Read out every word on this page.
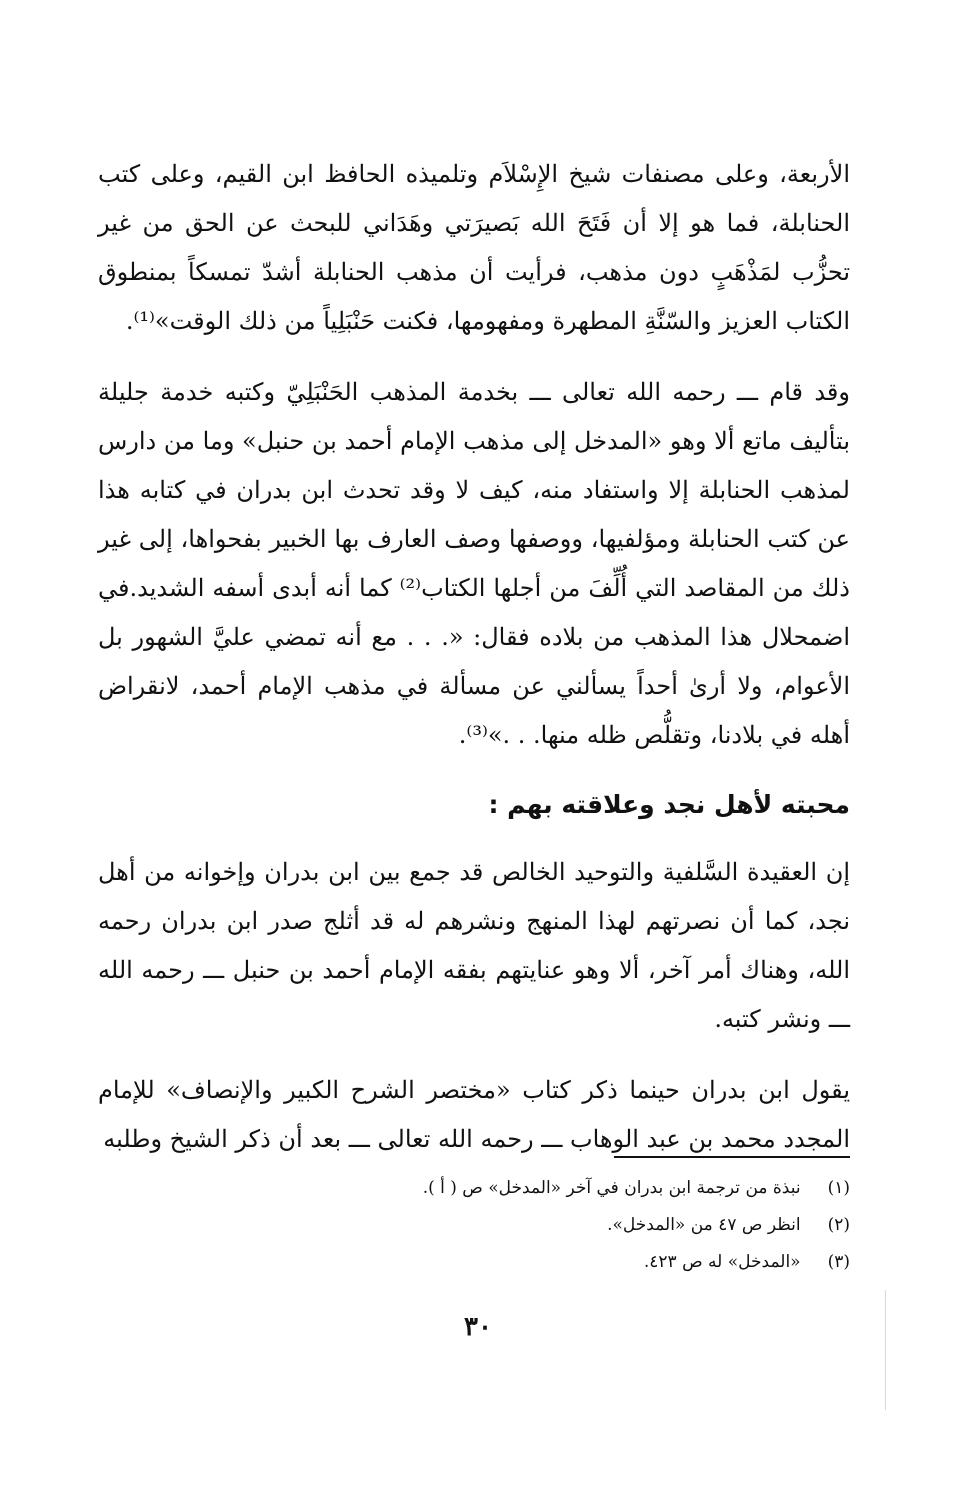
الأربعة، وعلى مصنفات شيخ الإِسْلاَم وتلميذه الحافظ ابن القيم، وعلى كتب الحنابلة، فما هو إلا أن فَتَحَ الله بَصيرَتي وهَدَاني للبحث عن الحق من غير تحزُّب لمَذْهَبٍ دون مذهب، فرأيت أن مذهب الحنابلة أشدّ تمسكاً بمنطوق الكتاب العزيز والسّنَّةِ المطهرة ومفهومها، فكنت حَنْبَلِياً من ذلك الوقت»⁽¹⁾.

وقد قام ـــ رحمه الله تعالى ـــ بخدمة المذهب الحَنْبَلِيّ وكتبه خدمة جليلة بتأليف ماتع ألا وهو «المدخل إلى مذهب الإمام أحمد بن حنبل» وما من دارس لمذهب الحنابلة إلا واستفاد منه، كيف لا وقد تحدث ابن بدران في كتابه هذا عن كتب الحنابلة ومؤلفيها، ووصفها وصف العارف بها الخبير بفحواها، إلى غير ذلك من المقاصد التي أُلِّفَ من أجلها الكتاب⁽²⁾ كما أنه أبدى أسفه الشديد.في اضمحلال هذا المذهب من بلاده فقال: «. . . مع أنه تمضي عليَّ الشهور بل الأعوام، ولا أرىٰ أحداً يسألني عن مسألة في مذهب الإمام أحمد، لانقراض أهله في بلادنا، وتقلُّص ظله منها. . .»⁽³⁾.

محبته لأهل نجد وعلاقته بهم :

إن العقيدة السَّلفية والتوحيد الخالص قد جمع بين ابن بدران وإخوانه من أهل نجد، كما أن نصرتهم لهذا المنهج ونشرهم له قد أثلج صدر ابن بدران رحمه الله، وهناك أمر آخر، ألا وهو عنايتهم بفقه الإمام أحمد بن حنبل ـــ رحمه الله ـــ ونشر كتبه.

يقول ابن بدران حينما ذكر كتاب «مختصر الشرح الكبير والإنصاف» للإمام المجدد محمد بن عبد الوهاب ـــ رحمه الله تعالى ـــ بعد أن ذكر الشيخ وطلبه

(١) نبذة من ترجمة ابن بدران في آخر «المدخل» ص ( أ ).

(٢) انظر ص ٤٧ من «المدخل».

(٣) «المدخل» له ص ٤٢٣.

٣٠
